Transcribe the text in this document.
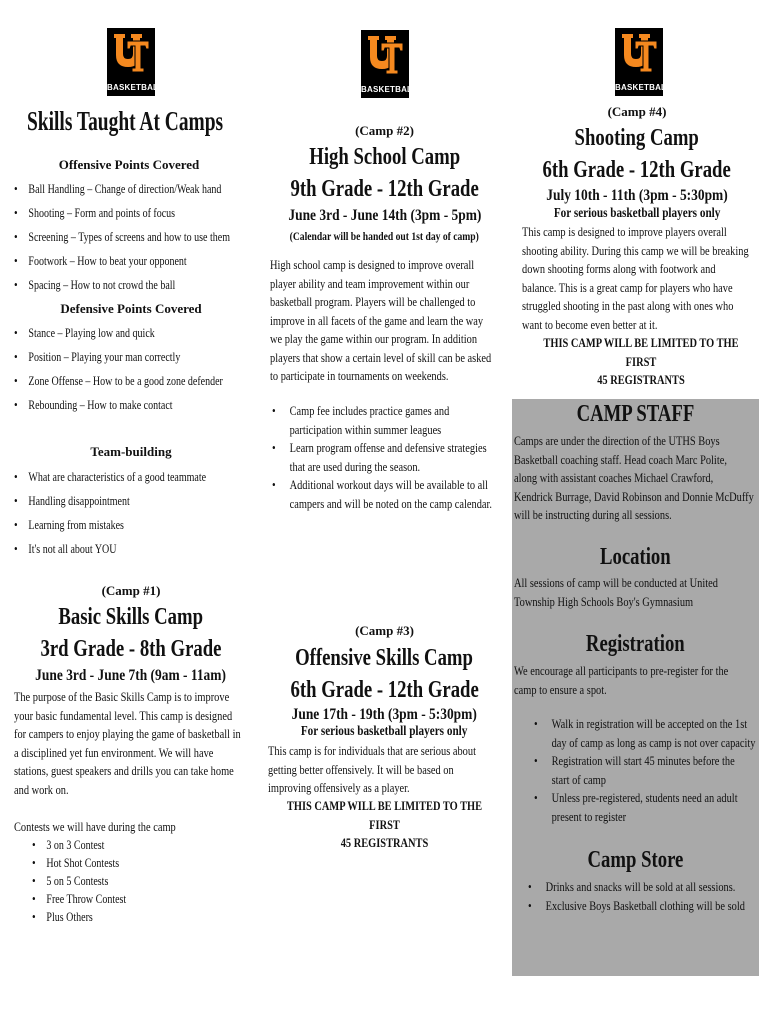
BASKETBALL	BASKETBALL	BASKETBALL
Skills Taught At Camps
Offensive Points Covered
• Ball Handling – Change of direction/Weak hand
• Shooting – Form and points of focus
• Screening – Types of screens and how to use them
• Footwork – How to beat your opponent
• Spacing – How to not crowd the ball
Defensive Points Covered
• Stance – Playing low and quick
• Position – Playing your man correctly
• Zone Offense – How to be a good zone defender
• Rebounding – How to make contact
Team-building
• What are characteristics of a good teammate
• Handling disappointment
• Learning from mistakes
• It's not all about YOU
(Camp #1)
Basic Skills Camp
3rd Grade - 8th Grade
June 3rd - June 7th (9am - 11am)
The purpose of the Basic Skills Camp is to improve
your basic fundamental level. This camp is designed
for campers to enjoy playing the game of basketball in
a disciplined yet fun environment. We will have
stations, guest speakers and drills you can take home
and work on.
Contests we will have during the camp
• 3 on 3 Contest
• Hot Shot Contests
• 5 on 5 Contests
• Free Throw Contest
• Plus Others
(Camp #2)
High School Camp
9th Grade - 12th Grade
June 3rd - June 14th (3pm - 5pm)
(Calendar will be handed out 1st day of camp)
High school camp is designed to improve overall
player ability and team improvement within our
basketball program. Players will be challenged to
improve in all facets of the game and learn the way
we play the game within our program. In addition
players that show a certain level of skill can be asked
to participate in tournaments on weekends.
• Camp fee includes practice games and
participation within summer leagues
• Learn program offense and defensive strategies
that are used during the season.
• Additional workout days will be available to all
campers and will be noted on the camp calendar.
(Camp #3)
Offensive Skills Camp
6th Grade - 12th Grade
June 17th - 19th (3pm - 5:30pm)
For serious basketball players only
This camp is for individuals that are serious about
getting better offensively. It will be based on
improving offensively as a player.
THIS CAMP WILL BE LIMITED TO THE
FIRST
45 REGISTRANTS
(Camp #4)
Shooting Camp
6th Grade - 12th Grade
July 10th - 11th (3pm - 5:30pm)
For serious basketball players only
This camp is designed to improve players overall
shooting ability. During this camp we will be breaking
down shooting forms along with footwork and
balance. This is a great camp for players who have
struggled shooting in the past along with ones who
want to become even better at it.
THIS CAMP WILL BE LIMITED TO THE FIRST
45 REGISTRANTS
CAMP STAFF
Camps are under the direction of the UTHS Boys
Basketball coaching staff. Head coach Marc Polite,
along with assistant coaches Michael Crawford,
Kendrick Burrage, David Robinson and Donnie McDuffy
will be instructing during all sessions.
Location
All sessions of camp will be conducted at United
Township High Schools Boy's Gymnasium
Registration
We encourage all participants to pre-register for the
camp to ensure a spot.
• Walk in registration will be accepted on the 1st
day of camp as long as camp is not over capacity
• Registration will start 45 minutes before the
start of camp
• Unless pre-registered, students need an adult
present to register
Camp Store
• Drinks and snacks will be sold at all sessions.
• Exclusive Boys Basketball clothing will be sold
